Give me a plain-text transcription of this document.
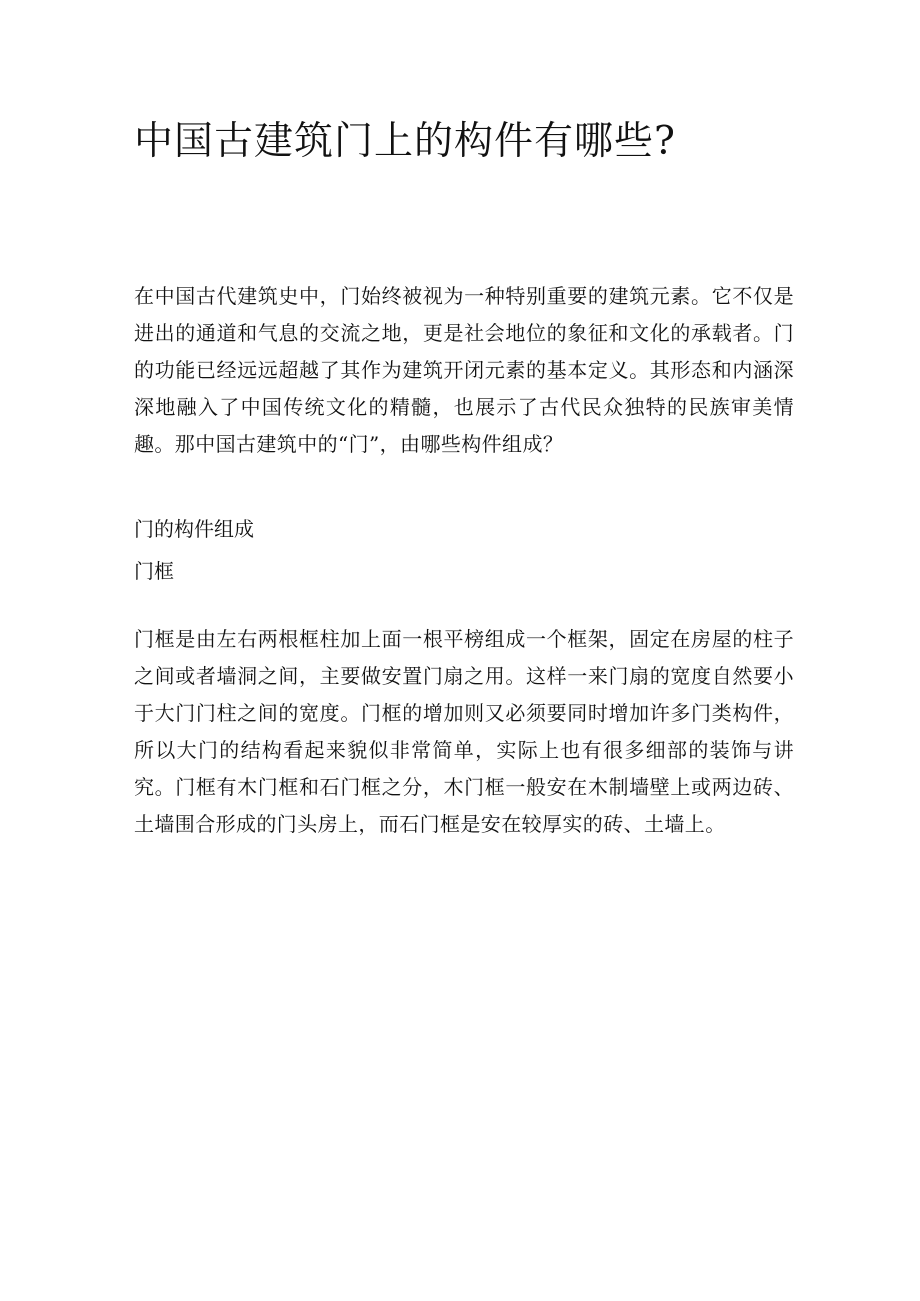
中国古建筑门上的构件有哪些?

在中国古代建筑史中，门始终被视为一种特别重要的建筑元素。它不仅是进出的通道和气息的交流之地，更是社会地位的象征和文化的承载者。门的功能已经远远超越了其作为建筑开闭元素的基本定义。其形态和内涵深深地融入了中国传统文化的精髓，也展示了古代民众独特的民族审美情趣。那中国古建筑中的“门”，由哪些构件组成？

门的构件组成
门框

门框是由左右两根框柱加上面一根平榜组成一个框架，固定在房屋的柱子之间或者墙洞之间，主要做安置门扇之用。这样一来门扇的宽度自然要小于大门门柱之间的宽度。门框的增加则又必须要同时增加许多门类构件，所以大门的结构看起来貌似非常简单，实际上也有很多细部的装饰与讲究。门框有木门框和石门框之分，木门框一般安在木制墙壁上或两边砖、土墙围合形成的门头房上，而石门框是安在较厚实的砖、土墙上。
